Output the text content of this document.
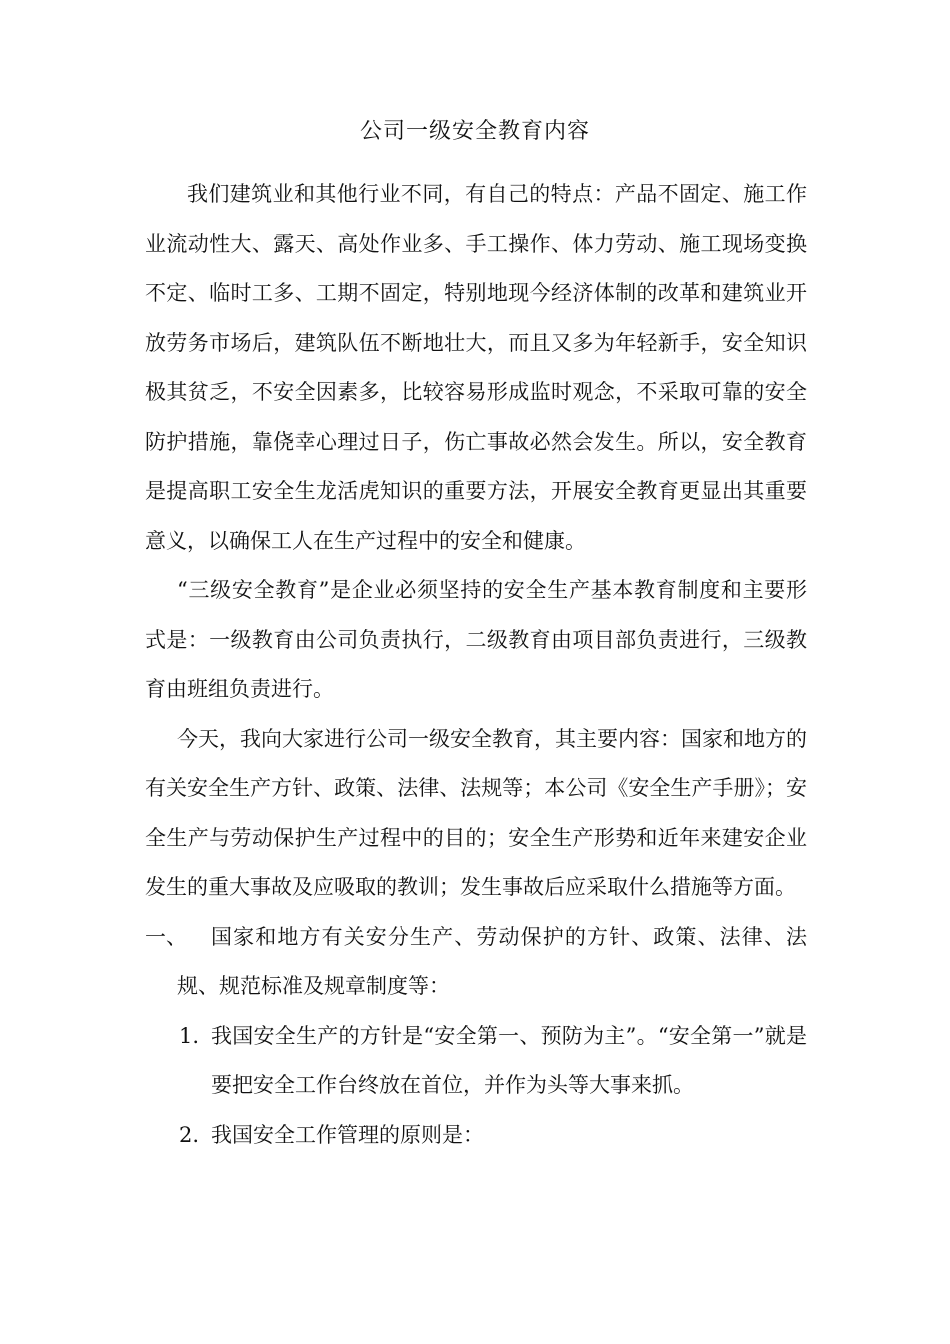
公司一级安全教育内容

我们建筑业和其他行业不同，有自己的特点：产品不固定、施工作业流动性大、露天、高处作业多、手工操作、体力劳动、施工现场变换不定、临时工多、工期不固定，特别地现今经济体制的改革和建筑业开放劳务市场后，建筑队伍不断地壮大，而且又多为年轻新手，安全知识极其贫乏，不安全因素多，比较容易形成监时观念，不采取可靠的安全防护措施，靠侥幸心理过日子，伤亡事故必然会发生。所以，安全教育是提高职工安全生龙活虎知识的重要方法，开展安全教育更显出其重要意义，以确保工人在生产过程中的安全和健康。

“三级安全教育”是企业必须坚持的安全生产基本教育制度和主要形式是：一级教育由公司负责执行，二级教育由项目部负责进行，三级教育由班组负责进行。

今天，我向大家进行公司一级安全教育，其主要内容：国家和地方的有关安全生产方针、政策、法律、法规等；本公司《安全生产手册》；安全生产与劳动保护生产过程中的目的；安全生产形势和近年来建安企业发生的重大事故及应吸取的教训；发生事故后应采取什么措施等方面。

一、	国家和地方有关安分生产、劳动保护的方针、政策、法律、法规、规范标准及规章制度等：
1. 我国安全生产的方针是“安全第一、预防为主”。“安全第一”就是要把安全工作台终放在首位，并作为头等大事来抓。
2. 我国安全工作管理的原则是：
